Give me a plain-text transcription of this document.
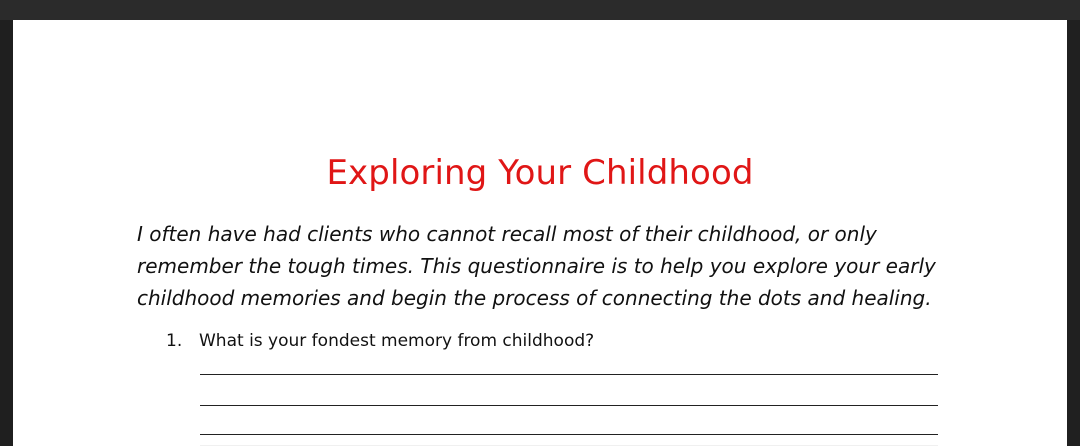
Exploring Your Childhood
I often have had clients who cannot recall most of their childhood, or only
remember the tough times. This questionnaire is to help you explore your early
childhood memories and begin the process of connecting the dots and healing.
1. What is your fondest memory from childhood?
